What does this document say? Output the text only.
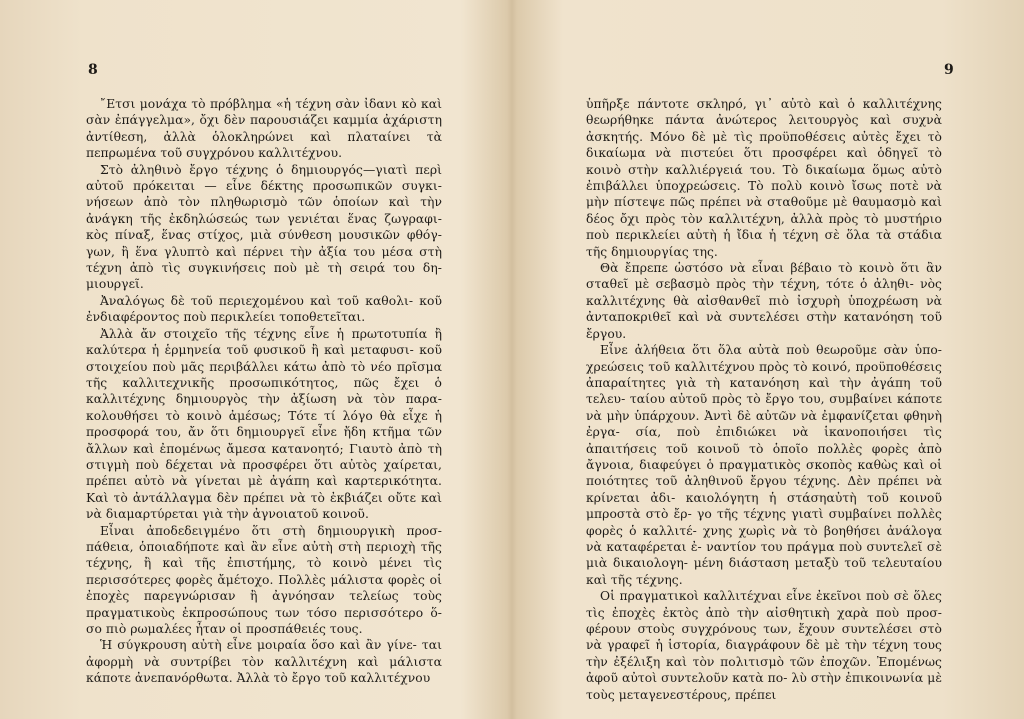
8

῎Ετσι μονάχα τὸ πρόβλημα «ἡ τέχνη σὰν ἰδανι κὸ καὶ σὰν ἐπάγγελμα», ὄχι δὲν παρουσιάζει καμμία ἀχάριστη ἀντίθεση, ἀλλὰ ὁλοκληρώνει καὶ πλαταίνει τὰ πεπρωμένα τοῦ συγχρόνου καλλιτέχνου.

Στὸ ἀληθινὸ ἔργο τέχνης ὁ δημιουργός—γιατὶ περὶ αὐτοῦ πρόκειται — εἶνε δέκτης προσωπικῶν συγκι- νήσεων ἀπὸ τὸν πληθωρισμὸ τῶν ὁποίων καὶ τὴν ἀνάγκη τῆς ἐκδηλώσεώς των γενιέται ἕνας ζωγραφι- κὸς πίναξ, ἕνας στίχος, μιὰ σύνθεση μουσικῶν φθόγ- γων, ἢ ἕνα γλυπτὸ καὶ πέρνει τὴν ἀξία του μέσα στὴ τέχνη ἀπὸ τὶς συγκινήσεις ποὺ μὲ τὴ σειρά του δη- μιουργεῖ.

Ἀναλόγως δὲ τοῦ περιεχομένου καὶ τοῦ καθολι- κοῦ ἐνδιαφέροντος ποὺ περικλείει τοποθετεῖται.

Ἀλλὰ ἄν στοιχεῖο τῆς τέχνης εἶνε ἡ πρωτοτυπία ἢ καλύτερα ἡ ἑρμηνεία τοῦ φυσικοῦ ἢ καὶ μεταφυσι- κοῦ στοιχείου ποὺ μᾶς περιβάλλει κάτω ἀπὸ τὸ νέο πρῖσμα τῆς καλλιτεχνικῆς προσωπικότητος, πῶς ἔχει ὁ καλλιτέχνης δημιουργὸς τὴν ἀξίωση νὰ τὸν παρα- κολουθήσει τὸ κοινὸ ἀμέσως; Τότε τί λόγο θὰ εἶχε ἡ προσφορά του, ἄν ὅτι δημιουργεῖ εἶνε ἤδη κτῆμα τῶν ἄλλων καὶ ἐπομένως ἄμεσα κατανοητό; Γιαυτὸ ἀπὸ τὴ στιγμὴ ποὺ δέχεται νὰ προσφέρει ὅτι αὐτὸς χαίρεται, πρέπει αὐτὸ νὰ γίνεται μὲ ἀγάπη καὶ καρτερικότητα. Καὶ τὸ ἀντάλλαγμα δὲν πρέπει νὰ τὸ ἐκβιάζει οὔτε καὶ νὰ διαμαρτύρεται γιὰ τὴν ἀγνοιατοῦ κοινοῦ.

Εἶναι ἀποδεδειγμένο ὅτι στὴ δημιουργικὴ προσ- πάθεια, ὁποιαδήποτε καὶ ἂν εἶνε αὐτὴ στὴ περιοχὴ τῆς τέχνης, ἢ καὶ τῆς ἐπιστήμης, τὸ κοινὸ μένει τὶς περισσότερες φορὲς ἄμέτοχο. Πολλὲς μάλιστα φορὲς οἱ ἐποχὲς παρεγνώρισαν ἢ ἀγνόησαν τελείως τοὺς πραγματικοὺς ἐκπροσώπους των τόσο περισσότερο ὅ- σο πιὸ ρωμαλέες ἦταν οἱ προσπάθειές τους.

Ἡ σύγκρουση αὐτὴ εἶνε μοιραία ὅσο καὶ ἂν γίνε- ται ἀφορμὴ νὰ συντρίβει τὸν καλλιτέχνη καὶ μάλιστα κάποτε ἀνεπανόρθωτα. Ἀλλὰ τὸ ἔργο τοῦ καλλιτέχνου

9

ὑπῆρξε πάντοτε σκληρό, γι᾽ αὐτὸ καὶ ὁ καλλιτέχνης θεωρήθηκε πάντα ἀνώτερος λειτουργὸς καὶ συχνὰ ἀσκητής. Μόνο δὲ μὲ τὶς προϋποθέσεις αὐτὲς ἔχει τὸ δικαίωμα νὰ πιστεύει ὅτι προσφέρει καὶ ὁδηγεῖ τὸ κοινὸ στὴν καλλιέργειά του. Τὸ δικαίωμα ὅμως αὐτὸ ἐπιβάλλει ὑποχρεώσεις. Τὸ πολὺ κοινὸ ἴσως ποτὲ νὰ μὴν πίστεψε πῶς πρέπει νὰ σταθοῦμε μὲ θαυμασμὸ καὶ δέος ὄχι πρὸς τὸν καλλιτέχνη, ἀλλὰ πρὸς τὸ μυστήριο ποὺ περικλείει αὐτὴ ἡ ἴδια ἡ τέχνη σὲ ὅλα τὰ στάδια τῆς δημιουργίας της.

Θὰ ἔπρεπε ὡστόσο νὰ εἶναι βέβαιο τὸ κοινὸ ὅτι ἂν σταθεῖ μὲ σεβασμὸ πρὸς τὴν τέχνη, τότε ὁ ἀληθι- νὸς καλλιτέχνης θὰ αἰσθανθεῖ πιὸ ἰσχυρὴ ὑποχρέωση νὰ ἀνταποκριθεῖ καὶ νὰ συντελέσει στὴν κατανόηση τοῦ ἔργου.

Εἶνε ἀλήθεια ὅτι ὅλα αὐτὰ ποὺ θεωροῦμε σὰν ὑπο- χρεώσεις τοῦ καλλιτέχνου πρὸς τὸ κοινό, προϋποθέσεις ἀπαραίτητες γιὰ τὴ κατανόηση καὶ τὴν ἀγάπη τοῦ τελευ- ταίου αὐτοῦ πρὸς τὸ ἔργο του, συμβαίνει κάποτε νὰ μὴν ὑπάρχουν. Ἀντὶ δὲ αὐτῶν νὰ ἐμφανίζεται φθηνὴ ἐργα- σία, ποὺ ἐπιδιώκει νὰ ἱκανοποιήσει τὶς ἀπαιτήσεις τοῦ κοινοῦ τὸ ὁποῖο πολλὲς φορὲς ἀπὸ ἄγνοια, διαφεύγει ὁ πραγματικὸς σκοπὸς καθὼς καὶ οἱ ποιότητες τοῦ ἀληθινοῦ ἔργου τέχνης. Δὲν πρέπει νὰ κρίνεται ἀδι- καιολόγητη ἡ στάσηαὐτὴ τοῦ κοινοῦ μπροστὰ στὸ ἔρ- γο τῆς τέχνης γιατὶ συμβαίνει πολλὲς φορὲς ὁ καλλιτέ- χνης χωρὶς νὰ τὸ βοηθήσει ἀνάλογα νὰ καταφέρεται ἐ- ναντίον του πράγμα ποὺ συντελεῖ σὲ μιὰ δικαιολογη- μένη διάσταση μεταξὺ τοῦ τελευταίου καὶ τῆς τέχνης.

Οἱ πραγματικοὶ καλλιτέχναι εἶνε ἐκεῖνοι ποὺ σὲ ὅλες τὶς ἐποχὲς ἐκτὸς ἀπὸ τὴν αἰσθητικὴ χαρὰ ποὺ προσ- φέρουν στοὺς συγχρόνους των, ἔχουν συντελέσει στὸ νὰ γραφεῖ ἡ ἱστορία, διαγράφουν δὲ μὲ τὴν τέχνη τους τὴν ἐξέλιξη καὶ τὸν πολιτισμὸ τῶν ἐποχῶν. Ἐπομένως ἀφοῦ αὐτοὶ συντελοῦν κατὰ πο- λὺ στὴν ἐπικοινωνία μὲ τοὺς μεταγενεστέρους, πρέπει
